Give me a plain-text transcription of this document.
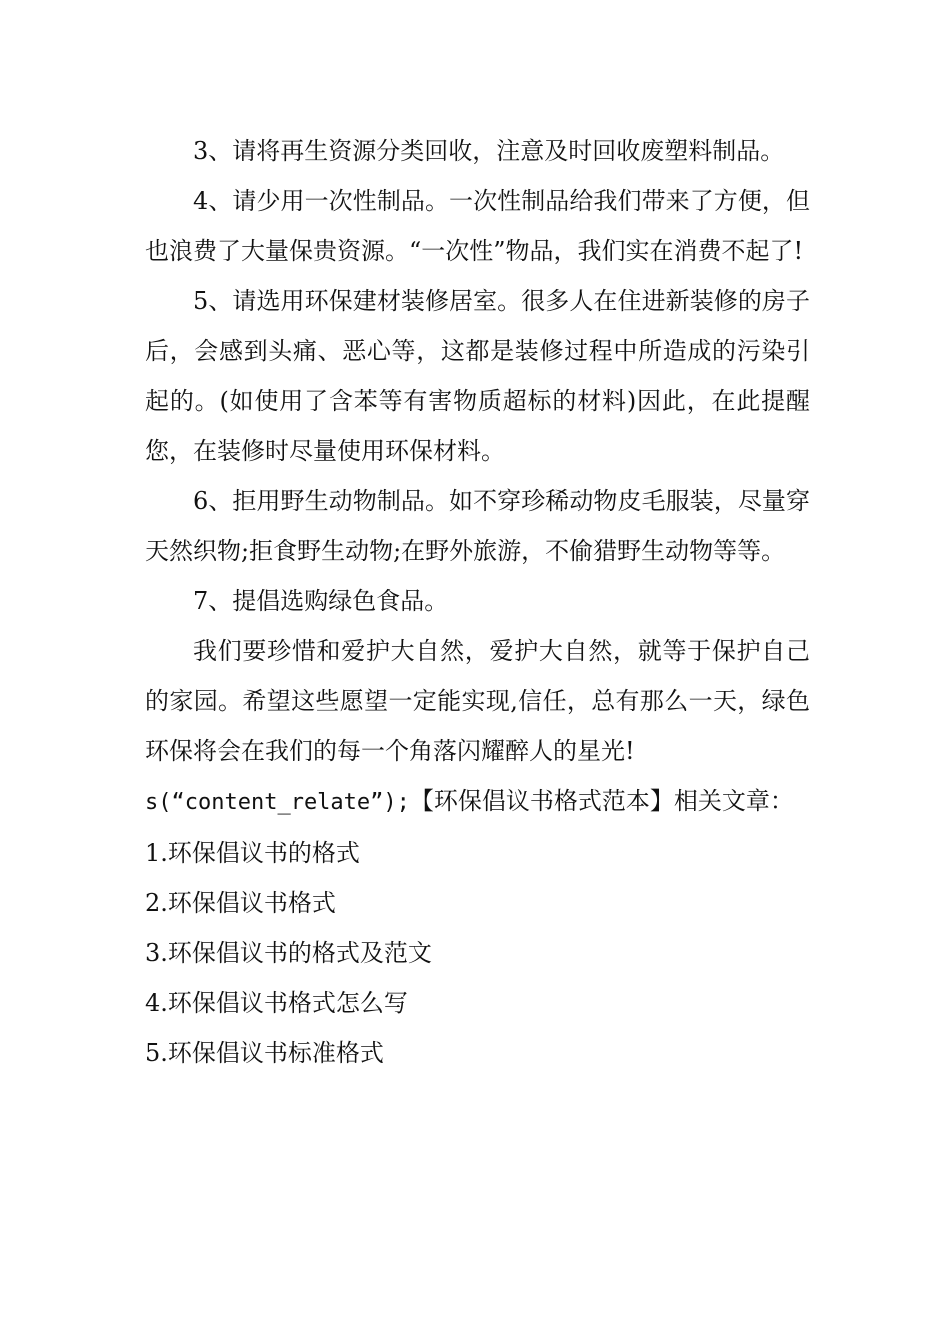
3、请将再生资源分类回收，注意及时回收废塑料制品。

4、请少用一次性制品。一次性制品给我们带来了方便，但也浪费了大量保贵资源。“一次性”物品，我们实在消费不起了!

5、请选用环保建材装修居室。很多人在住进新装修的房子后，会感到头痛、恶心等，这都是装修过程中所造成的污染引起的。(如使用了含苯等有害物质超标的材料)因此，在此提醒您，在装修时尽量使用环保材料。

6、拒用野生动物制品。如不穿珍稀动物皮毛服装，尽量穿天然织物;拒食野生动物;在野外旅游，不偷猎野生动物等等。

7、提倡选购绿色食品。

我们要珍惜和爱护大自然，爱护大自然，就等于保护自己的家园。希望这些愿望一定能实现,信任，总有那么一天，绿色环保将会在我们的每一个角落闪耀醉人的星光!

s(“content_relate”);【环保倡议书格式范本】相关文章：

1.环保倡议书的格式
2.环保倡议书格式
3.环保倡议书的格式及范文
4.环保倡议书格式怎么写
5.环保倡议书标准格式
